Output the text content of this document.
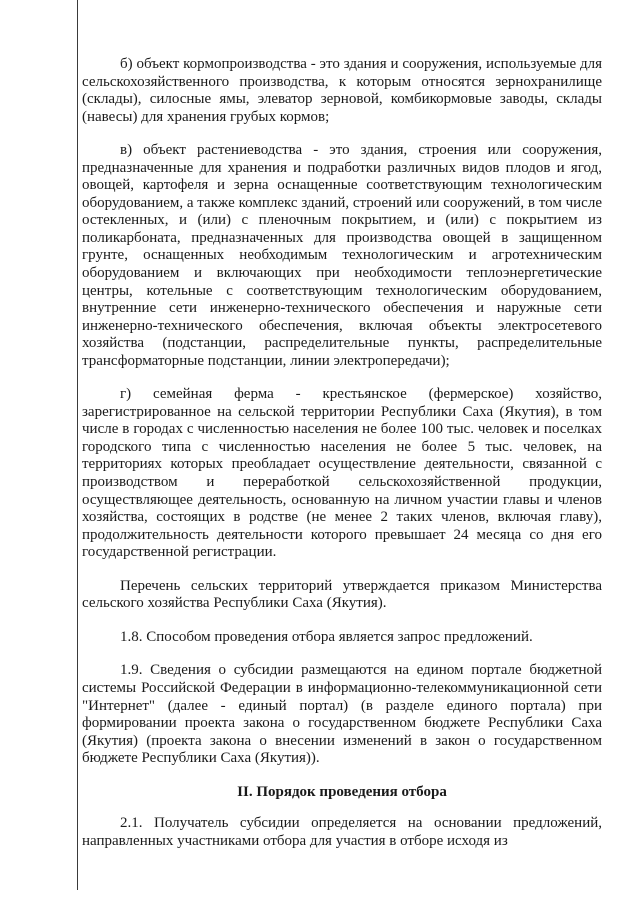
б) объект кормопроизводства - это здания и сооружения, используемые для сельскохозяйственного производства, к которым относятся зернохранилище (склады), силосные ямы, элеватор зерновой, комбикормовые заводы, склады (навесы) для хранения грубых кормов;

в) объект растениеводства - это здания, строения или сооружения, предназначенные для хранения и подработки различных видов плодов и ягод, овощей, картофеля и зерна оснащенные соответствующим технологическим оборудованием, а также комплекс зданий, строений или сооружений, в том числе остекленных, и (или) с пленочным покрытием, и (или) с покрытием из поликарбоната, предназначенных для производства овощей в защищенном грунте, оснащенных необходимым технологическим и агротехническим оборудованием и включающих при необходимости теплоэнергетические центры, котельные с соответствующим технологическим оборудованием, внутренние сети инженерно-технического обеспечения и наружные сети инженерно-технического обеспечения, включая объекты электросетевого хозяйства (подстанции, распределительные пункты, распределительные трансформаторные подстанции, линии электропередачи);

г) семейная ферма - крестьянское (фермерское) хозяйство, зарегистрированное на сельской территории Республики Саха (Якутия), в том числе в городах с численностью населения не более 100 тыс. человек и поселках городского типа с численностью населения не более 5 тыс. человек, на территориях которых преобладает осуществление деятельности, связанной с производством и переработкой сельскохозяйственной продукции, осуществляющее деятельность, основанную на личном участии главы и членов хозяйства, состоящих в родстве (не менее 2 таких членов, включая главу), продолжительность деятельности которого превышает 24 месяца со дня его государственной регистрации.

Перечень сельских территорий утверждается приказом Министерства сельского хозяйства Республики Саха (Якутия).

1.8. Способом проведения отбора является запрос предложений.

1.9. Сведения о субсидии размещаются на едином портале бюджетной системы Российской Федерации в информационно-телекоммуникационной сети "Интернет" (далее - единый портал) (в разделе единого портала) при формировании проекта закона о государственном бюджете Республики Саха (Якутия) (проекта закона о внесении изменений в закон о государственном бюджете Республики Саха (Якутия)).

II. Порядок проведения отбора

2.1. Получатель субсидии определяется на основании предложений, направленных участниками отбора для участия в отборе исходя из
